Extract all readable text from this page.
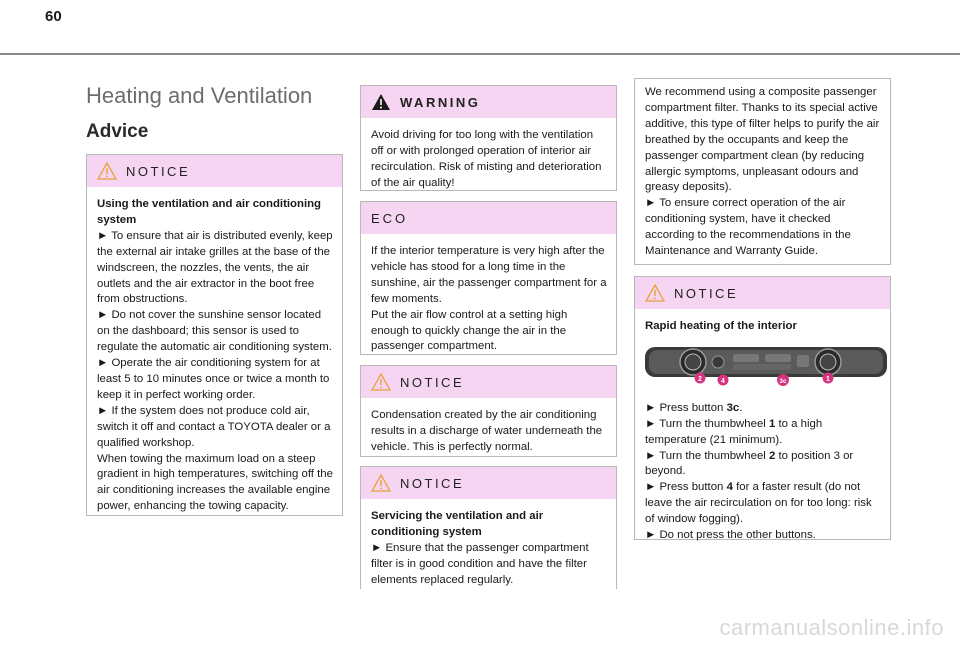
60
Heating and Ventilation
Advice
NOTICE

Using the ventilation and air conditioning system

► To ensure that air is distributed evenly, keep the external air intake grilles at the base of the windscreen, the nozzles, the vents, the air outlets and the air extractor in the boot free from obstructions.

► Do not cover the sunshine sensor located on the dashboard; this sensor is used to regulate the automatic air conditioning system.

► Operate the air conditioning system for at least 5 to 10 minutes once or twice a month to keep it in perfect working order.

► If the system does not produce cold air, switch it off and contact a TOYOTA dealer or a qualified workshop.

When towing the maximum load on a steep gradient in high temperatures, switching off the air conditioning increases the available engine power, enhancing the towing capacity.

WARNING

Avoid driving for too long with the ventilation off or with prolonged operation of interior air recirculation. Risk of misting and deterioration of the air quality!

ECO

If the interior temperature is very high after the vehicle has stood for a long time in the sunshine, air the passenger compartment for a few moments.

Put the air flow control at a setting high enough to quickly change the air in the passenger compartment.

NOTICE

Condensation created by the air conditioning results in a discharge of water underneath the vehicle. This is perfectly normal.

NOTICE

Servicing the ventilation and air conditioning system

► Ensure that the passenger compartment filter is in good condition and have the filter elements replaced regularly.

We recommend using a composite passenger compartment filter. Thanks to its special active additive, this type of filter helps to purify the air breathed by the occupants and keep the passenger compartment clean (by reducing allergic symptoms, unpleasant odours and greasy deposits).

► To ensure correct operation of the air conditioning system, have it checked according to the recommendations in the Maintenance and Warranty Guide.

NOTICE

Rapid heating of the interior

2	4	3c	1

► Press button 3c.

► Turn the thumbwheel 1 to a high temperature (21 minimum).

► Turn the thumbwheel 2 to position 3 or beyond.

► Press button 4 for a faster result (do not leave the air recirculation on for too long: risk of window fogging).

► Do not press the other buttons.

carmanualsonline.info
